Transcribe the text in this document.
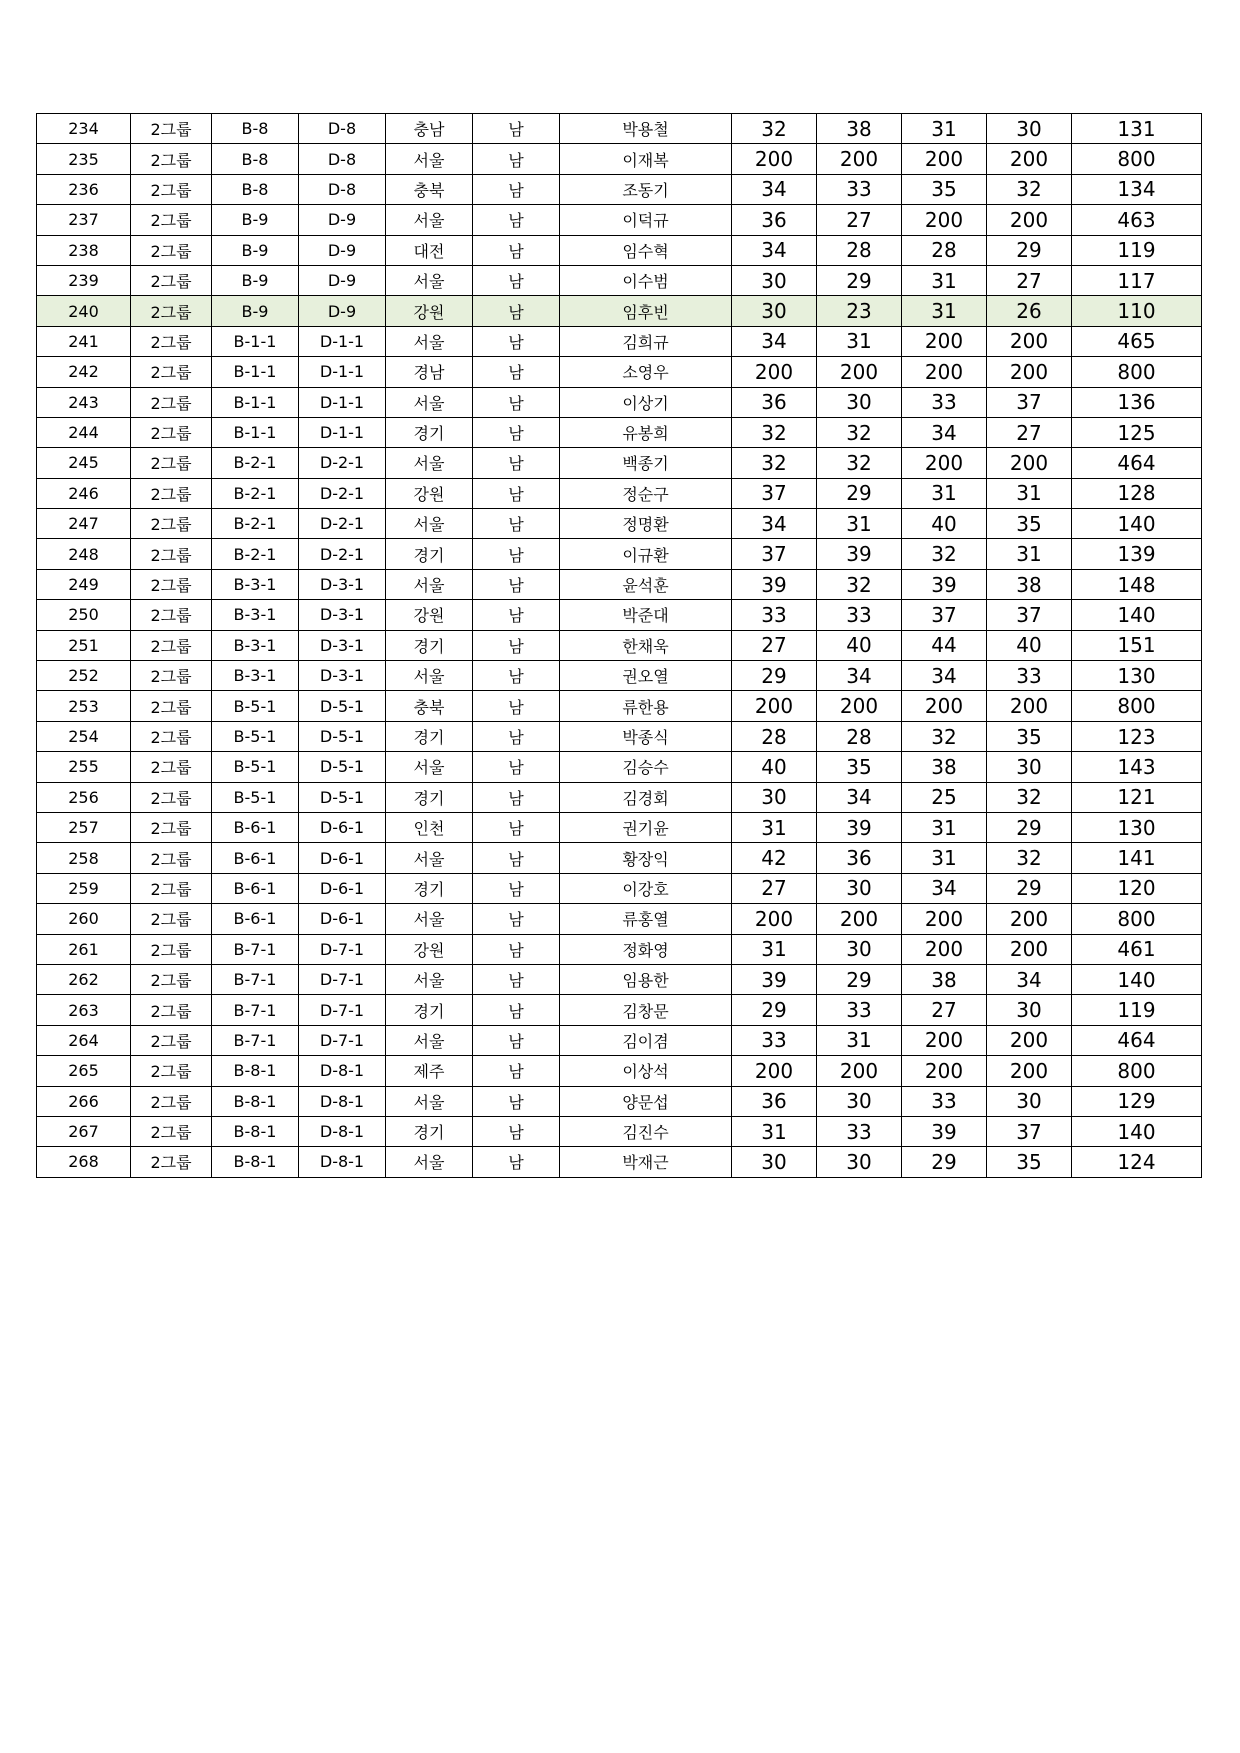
234	2그룹	B-8	D-8	충남	남	박용철	32	38	31	30	131
235	2그룹	B-8	D-8	서울	남	이재복	200	200	200	200	800
236	2그룹	B-8	D-8	충북	남	조동기	34	33	35	32	134
237	2그룹	B-9	D-9	서울	남	이덕규	36	27	200	200	463
238	2그룹	B-9	D-9	대전	남	임수혁	34	28	28	29	119
239	2그룹	B-9	D-9	서울	남	이수범	30	29	31	27	117
240	2그룹	B-9	D-9	강원	남	임후빈	30	23	31	26	110
241	2그룹	B-1-1	D-1-1	서울	남	김희규	34	31	200	200	465
242	2그룹	B-1-1	D-1-1	경남	남	소영우	200	200	200	200	800
243	2그룹	B-1-1	D-1-1	서울	남	이상기	36	30	33	37	136
244	2그룹	B-1-1	D-1-1	경기	남	유봉희	32	32	34	27	125
245	2그룹	B-2-1	D-2-1	서울	남	백종기	32	32	200	200	464
246	2그룹	B-2-1	D-2-1	강원	남	정순구	37	29	31	31	128
247	2그룹	B-2-1	D-2-1	서울	남	정명환	34	31	40	35	140
248	2그룹	B-2-1	D-2-1	경기	남	이규환	37	39	32	31	139
249	2그룹	B-3-1	D-3-1	서울	남	윤석훈	39	32	39	38	148
250	2그룹	B-3-1	D-3-1	강원	남	박준대	33	33	37	37	140
251	2그룹	B-3-1	D-3-1	경기	남	한채욱	27	40	44	40	151
252	2그룹	B-3-1	D-3-1	서울	남	권오열	29	34	34	33	130
253	2그룹	B-5-1	D-5-1	충북	남	류한용	200	200	200	200	800
254	2그룹	B-5-1	D-5-1	경기	남	박종식	28	28	32	35	123
255	2그룹	B-5-1	D-5-1	서울	남	김승수	40	35	38	30	143
256	2그룹	B-5-1	D-5-1	경기	남	김경회	30	34	25	32	121
257	2그룹	B-6-1	D-6-1	인천	남	권기윤	31	39	31	29	130
258	2그룹	B-6-1	D-6-1	서울	남	황장익	42	36	31	32	141
259	2그룹	B-6-1	D-6-1	경기	남	이강호	27	30	34	29	120
260	2그룹	B-6-1	D-6-1	서울	남	류홍열	200	200	200	200	800
261	2그룹	B-7-1	D-7-1	강원	남	정화영	31	30	200	200	461
262	2그룹	B-7-1	D-7-1	서울	남	임용한	39	29	38	34	140
263	2그룹	B-7-1	D-7-1	경기	남	김창문	29	33	27	30	119
264	2그룹	B-7-1	D-7-1	서울	남	김이겸	33	31	200	200	464
265	2그룹	B-8-1	D-8-1	제주	남	이상석	200	200	200	200	800
266	2그룹	B-8-1	D-8-1	서울	남	양문섭	36	30	33	30	129
267	2그룹	B-8-1	D-8-1	경기	남	김진수	31	33	39	37	140
268	2그룹	B-8-1	D-8-1	서울	남	박재근	30	30	29	35	124
